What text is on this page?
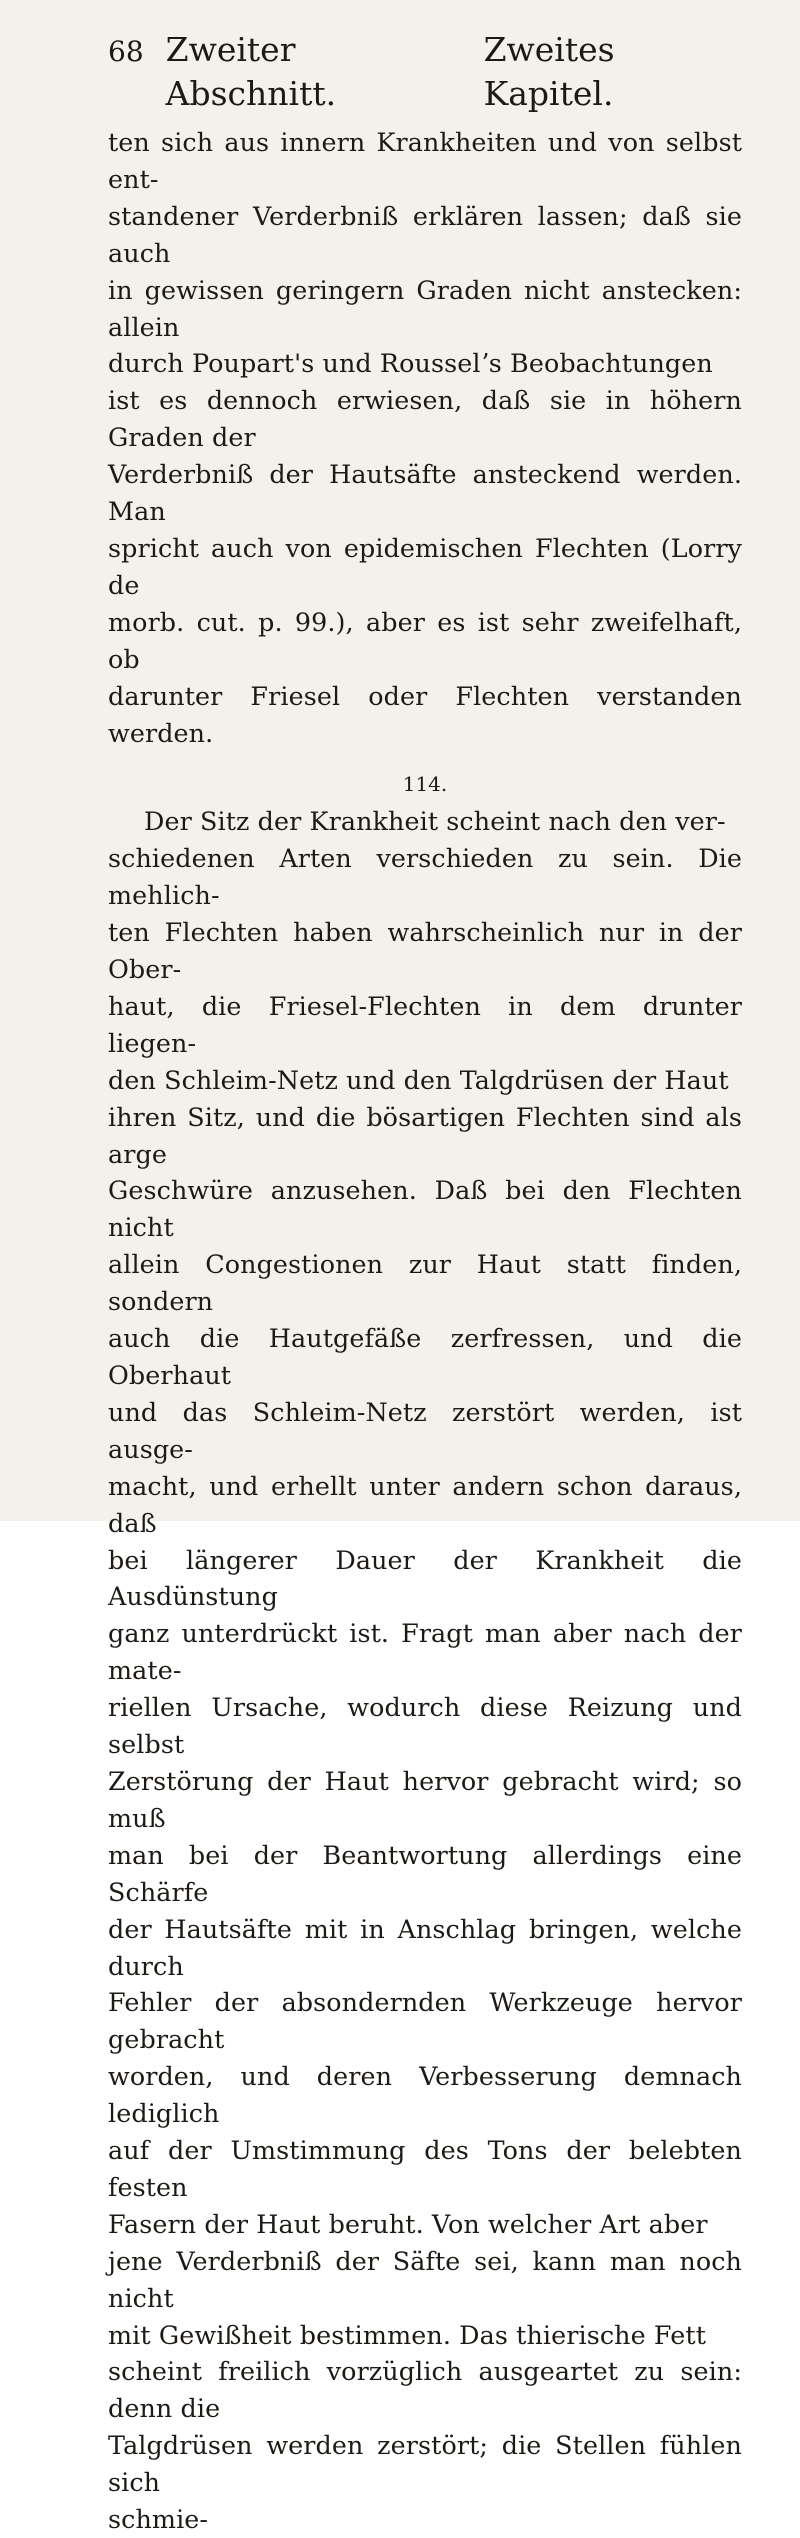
68 Zweiter Abschnitt.
Zweites Kapitel.

ten sich aus innern Krankheiten und von selbst ent-
standener Verderbniß erklären lassen; daß sie auch
in gewissen geringern Graden nicht anstecken: allein
durch Poupart's und Rousselʼs Beobachtungen
ist es dennoch erwiesen, daß sie in höhern Graden der
Verderbniß der Hautsäfte ansteckend werden. Man
spricht auch von epidemischen Flechten (Lorry de
morb. cut. p. 99.), aber es ist sehr zweifelhaft, ob
darunter Friesel oder Flechten verstanden werden.

114.

Der Sitz der Krankheit scheint nach den ver-
schiedenen Arten verschieden zu sein. Die mehlich-
ten Flechten haben wahrscheinlich nur in der Ober-
haut, die Friesel-Flechten in dem drunter liegen-
den Schleim-Netz und den Talgdrüsen der Haut
ihren Sitz, und die bösartigen Flechten sind als arge
Geschwüre anzusehen. Daß bei den Flechten nicht
allein Congestionen zur Haut statt finden, sondern
auch die Hautgefäße zerfressen, und die Oberhaut
und das Schleim-Netz zerstört werden, ist ausge-
macht, und erhellt unter andern schon daraus, daß
bei längerer Dauer der Krankheit die Ausdünstung
ganz unterdrückt ist. Fragt man aber nach der mate-
riellen Ursache, wodurch diese Reizung und selbst
Zerstörung der Haut hervor gebracht wird; so muß
man bei der Beantwortung allerdings eine Schärfe
der Hautsäfte mit in Anschlag bringen, welche durch
Fehler der absondernden Werkzeuge hervor gebracht
worden, und deren Verbesserung demnach lediglich
auf der Umstimmung des Tons der belebten festen
Fasern der Haut beruht. Von welcher Art aber
jene Verderbniß der Säfte sei, kann man noch nicht
mit Gewißheit bestimmen. Das thierische Fett
scheint freilich vorzüglich ausgeartet zu sein: denn die
Talgdrüsen werden zerstört; die Stellen fühlen sich
schmie-
